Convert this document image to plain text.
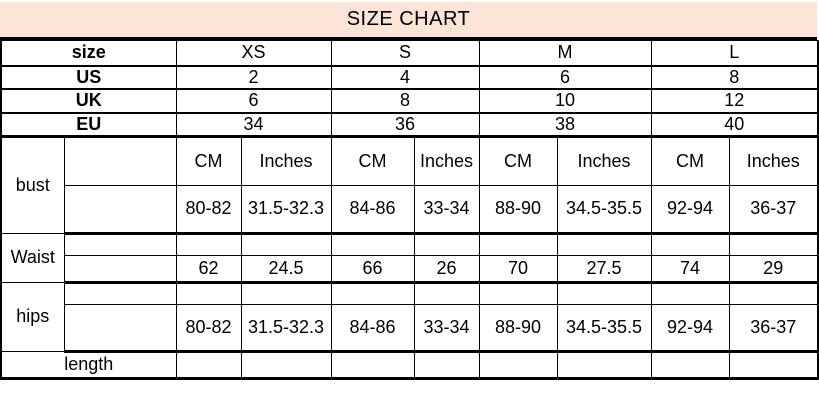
SIZE CHART
size		XS		S		M		L	
US		2		4		6		8	
UK		6		8		10		12	
EU		34		36		38		40	
bust		CM	Inches	CM	Inches	CM	Inches	CM	Inches
		80-82	31.5-32.3	84-86	33-34	88-90	34.5-35.5	92-94	36-37
Waist									
		62	24.5	66	26	70	27.5	74	29
hips									
		80-82	31.5-32.3	84-86	33-34	88-90	34.5-35.5	92-94	36-37
length									
